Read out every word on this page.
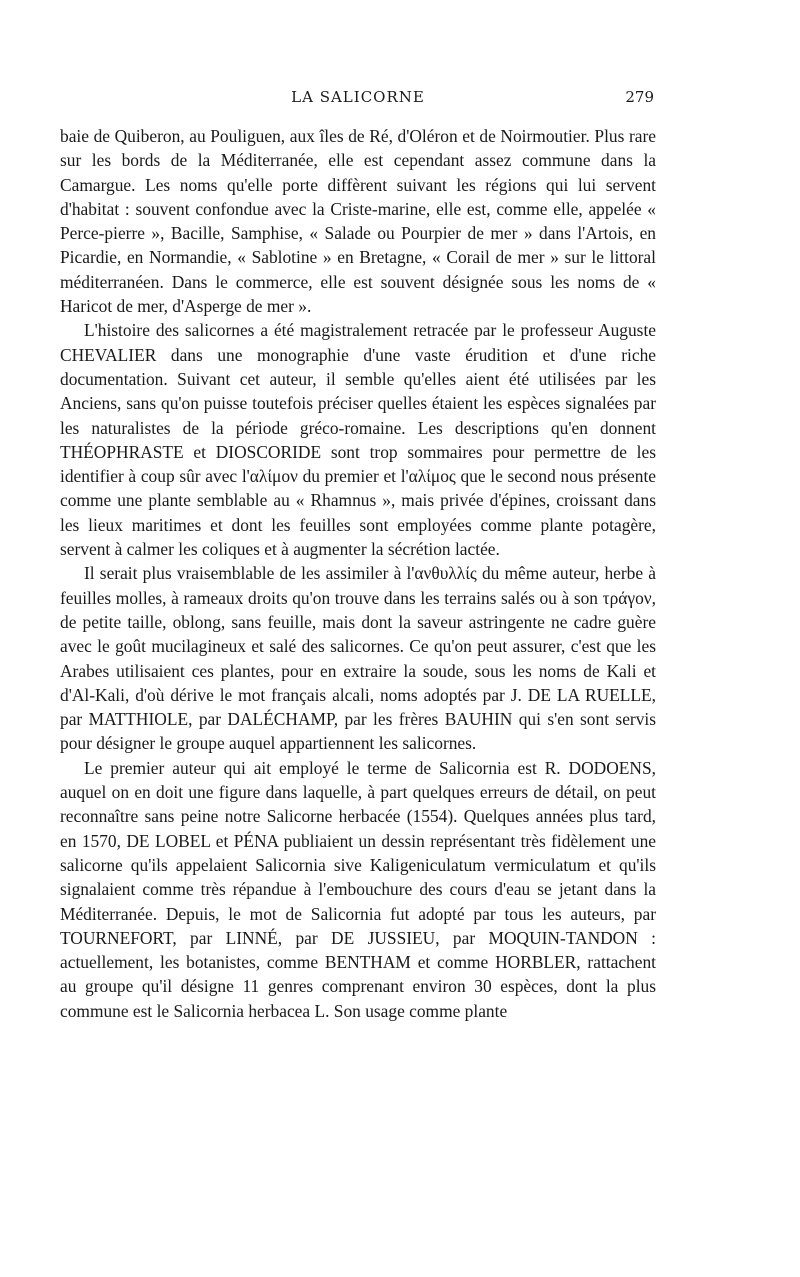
LA SALICORNE	279

baie de Quiberon, au Pouliguen, aux îles de Ré, d'Oléron et de Noirmoutier. Plus rare sur les bords de la Méditerranée, elle est cependant assez commune dans la Camargue. Les noms qu'elle porte diffèrent suivant les régions qui lui servent d'habitat : souvent confondue avec la Criste-marine, elle est, comme elle, appelée « Perce-pierre », Bacille, Samphise, « Salade ou Pourpier de mer » dans l'Artois, en Picardie, en Normandie, « Sablotine » en Bretagne, « Corail de mer » sur le littoral méditerranéen. Dans le commerce, elle est souvent désignée sous les noms de « Haricot de mer, d'Asperge de mer ».

L'histoire des salicornes a été magistralement retracée par le professeur Auguste CHEVALIER dans une monographie d'une vaste érudition et d'une riche documentation. Suivant cet auteur, il semble qu'elles aient été utilisées par les Anciens, sans qu'on puisse toutefois préciser quelles étaient les espèces signalées par les naturalistes de la période gréco-romaine. Les descriptions qu'en donnent THÉOPHRASTE et DIOSCORIDE sont trop sommaires pour permettre de les identifier à coup sûr avec l'αλίμον du premier et l'αλίμος que le second nous présente comme une plante semblable au « Rhamnus », mais privée d'épines, croissant dans les lieux maritimes et dont les feuilles sont employées comme plante potagère, servent à calmer les coliques et à augmenter la sécrétion lactée.

Il serait plus vraisemblable de les assimiler à l'ανθυλλίς du même auteur, herbe à feuilles molles, à rameaux droits qu'on trouve dans les terrains salés ou à son τράγον, de petite taille, oblong, sans feuille, mais dont la saveur astringente ne cadre guère avec le goût mucilagineux et salé des salicornes. Ce qu'on peut assurer, c'est que les Arabes utilisaient ces plantes, pour en extraire la soude, sous les noms de Kali et d'Al-Kali, d'où dérive le mot français alcali, noms adoptés par J. DE LA RUELLE, par MATTHIOLE, par DALÉCHAMP, par les frères BAUHIN qui s'en sont servis pour désigner le groupe auquel appartiennent les salicornes.

Le premier auteur qui ait employé le terme de Salicornia est R. DODOENS, auquel on en doit une figure dans laquelle, à part quelques erreurs de détail, on peut reconnaître sans peine notre Salicorne herbacée (1554). Quelques années plus tard, en 1570, DE LOBEL et PÉNA publiaient un dessin représentant très fidèlement une salicorne qu'ils appelaient Salicornia sive Kaligeniculatum vermiculatum et qu'ils signalaient comme très répandue à l'embouchure des cours d'eau se jetant dans la Méditerranée. Depuis, le mot de Salicornia fut adopté par tous les auteurs, par TOURNEFORT, par LINNÉ, par DE JUSSIEU, par MOQUIN-TANDON : actuellement, les botanistes, comme BENTHAM et comme HORBLER, rattachent au groupe qu'il désigne 11 genres comprenant environ 30 espèces, dont la plus commune est le Salicornia herbacea L. Son usage comme plante
